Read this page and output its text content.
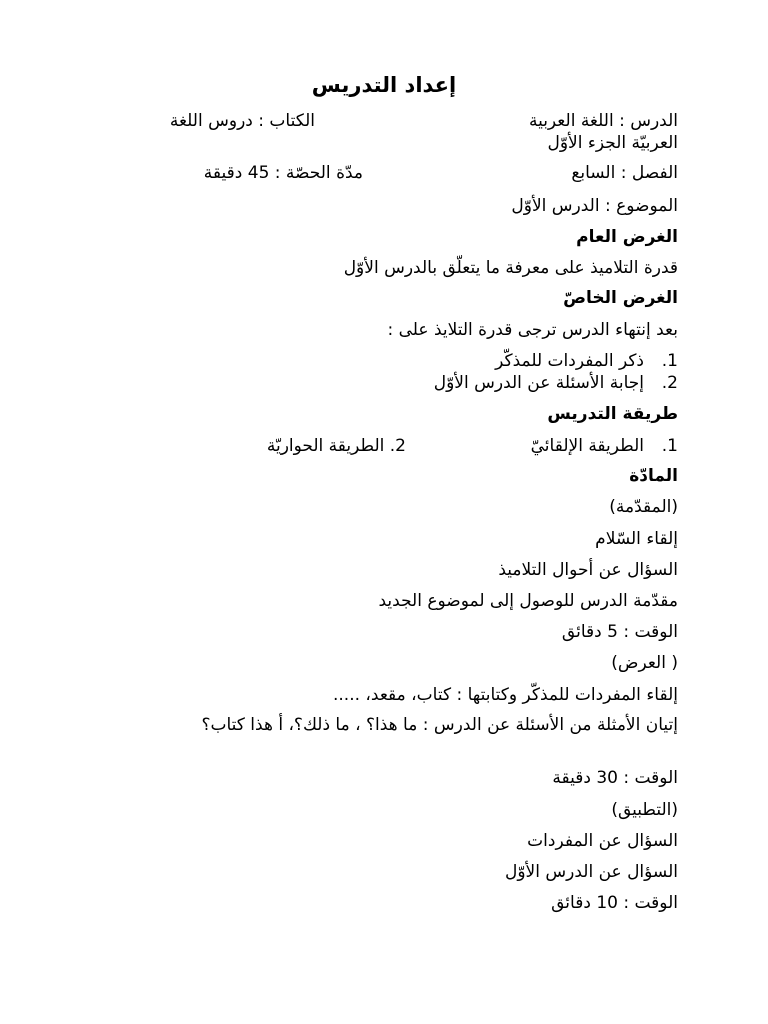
إعداد التدريس
الدرس : اللغة العربية
الكتاب : دروس اللغة
العربيّة الجزء الأوّل
الفصل : السابع
مدّة الحصّة : 45 دقيقة
الموضوع : الدرس الأوّل
الغرض العام
قدرة التلاميذ على معرفة ما يتعلّق بالدرس الأوّل
الغرض الخاصّ
بعد إنتهاء الدرس ترجى قدرة التلايذ على :
1.ذكر المفردات للمذكّر
2.إجابة الأسئلة عن الدرس الأوّل
طريقة التدريس
1.الطريقة الإلقائيّ
2. الطريقة الحواريّة
المادّة
(المقدّمة)
إلقاء السّلام
السؤال عن أحوال التلاميذ
مقدّمة الدرس للوصول إلى لموضوع الجديد
الوقت : 5 دقائق
( العرض)
إلقاء المفردات للمذكّر وكتابتها : كتاب، مقعد، .....
إتيان الأمثلة من الأسئلة عن الدرس : ما هذا؟ ، ما ذلك؟، أ هذا كتاب؟
الوقت : 30 دقيقة
(التطبيق)
السؤال عن المفردات
السؤال عن الدرس الأوّل
الوقت : 10 دقائق
